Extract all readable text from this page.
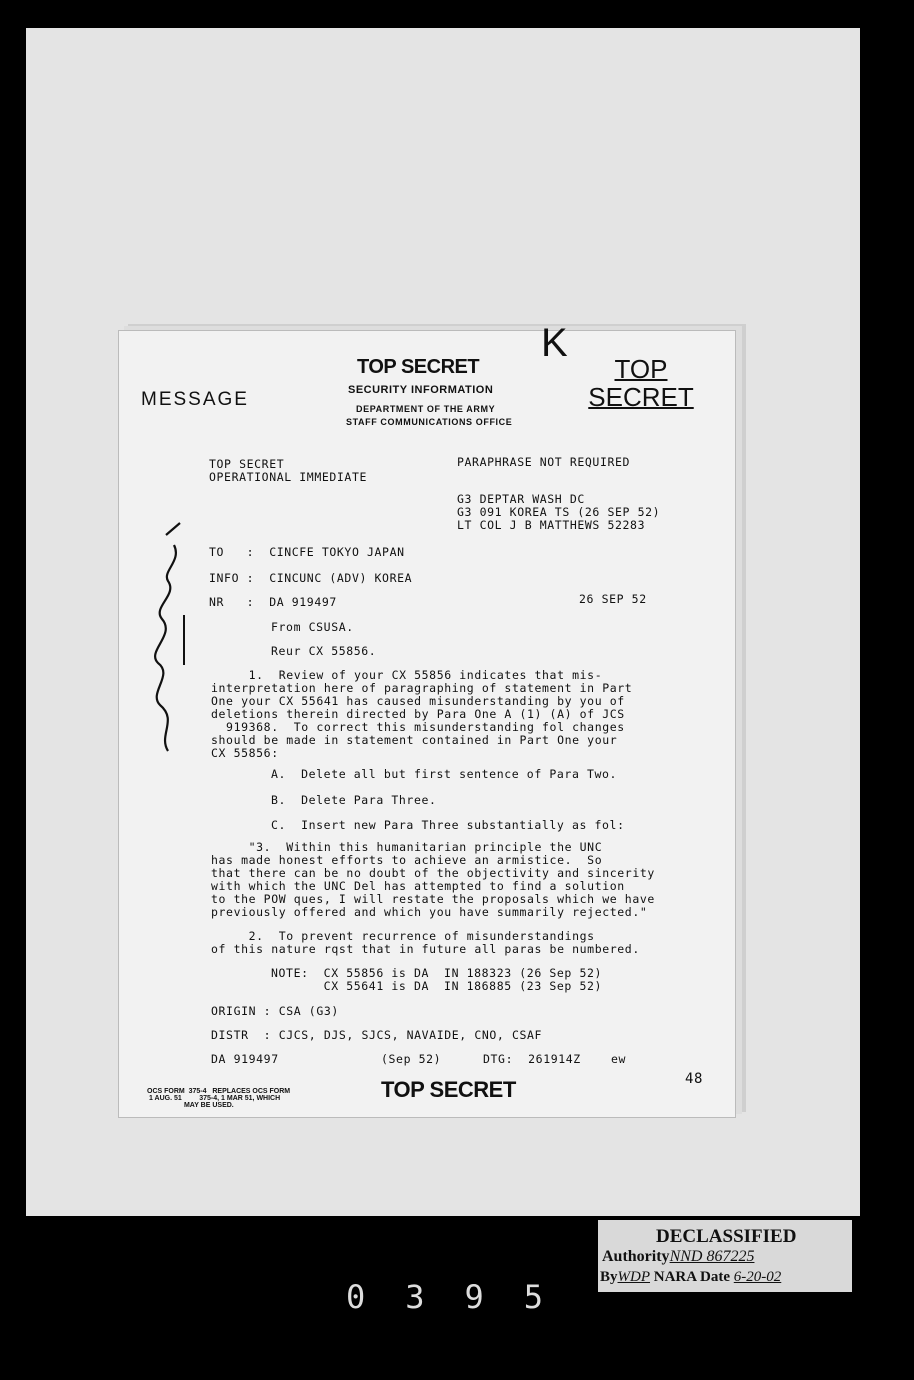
MESSAGE
TOP SECRET
SECURITY INFORMATION
DEPARTMENT OF THE ARMY
STAFF COMMUNICATIONS OFFICE
K
TOP
SECRET
TOP SECRET
OPERATIONAL IMMEDIATE
PARAPHRASE NOT REQUIRED
G3 DEPTAR WASH DC
G3 091 KOREA TS (26 SEP 52)
LT COL J B MATTHEWS 52283
TO   :  CINCFE TOKYO JAPAN
INFO :  CINCUNC (ADV) KOREA
NR   :  DA 919497	26 SEP 52
From CSUSA.
Reur CX 55856.
1.  Review of your CX 55856 indicates that mis-
interpretation here of paragraphing of statement in Part
One your CX 55641 has caused misunderstanding by you of
deletions therein directed by Para One A (1) (A) of JCS
919368.  To correct this misunderstanding fol changes
should be made in statement contained in Part One your
CX 55856:
A.  Delete all but first sentence of Para Two.
B.  Delete Para Three.
C.  Insert new Para Three substantially as fol:
"3.  Within this humanitarian principle the UNC
has made honest efforts to achieve an armistice.  So
that there can be no doubt of the objectivity and sincerity
with which the UNC Del has attempted to find a solution
to the POW ques, I will restate the proposals which we have
previously offered and which you have summarily rejected."
2.  To prevent recurrence of misunderstandings
of this nature rqst that in future all paras be numbered.
NOTE:  CX 55856 is DA  IN 188323 (26 Sep 52)
CX 55641 is DA  IN 186885 (23 Sep 52)
ORIGIN : CSA (G3)
DISTR  : CJCS, DJS, SJCS, NAVAIDE, CNO, CSAF
DA 919497	(Sep 52)	DTG:  261914Z	ew
48
OCS FORM  375-4   REPLACES OCS FORM
1 AUG. 51         375-4, 1 MAR 51, WHICH
MAY BE USED.
TOP SECRET
DECLASSIFIED
AuthorityNND 867225
ByWDP NARA Date 6-20-02
0395
